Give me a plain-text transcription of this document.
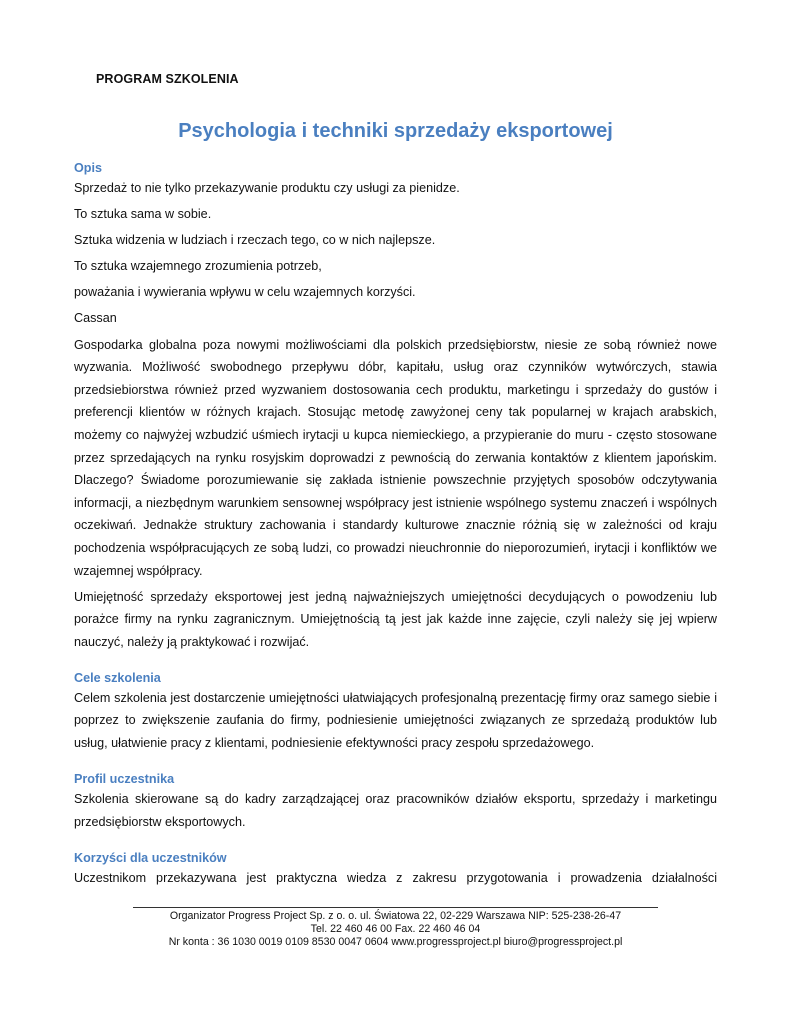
PROGRAM SZKOLENIA
Psychologia i techniki sprzedaży eksportowej
Opis

Sprzedaż to nie tylko przekazywanie produktu czy usługi za pienidze.

To sztuka sama w sobie.

Sztuka widzenia w ludziach i rzeczach tego, co w nich najlepsze.

To sztuka wzajemnego zrozumienia potrzeb,

poważania i wywierania wpływu w celu wzajemnych korzyści.

Cassan

Gospodarka globalna poza nowymi możliwościami dla polskich przedsiębiorstw, niesie ze sobą również nowe wyzwania. Możliwość swobodnego przepływu dóbr, kapitału, usług oraz czynników wytwórczych, stawia przedsiebiorstwa również przed wyzwaniem dostosowania cech produktu, marketingu i sprzedaży do gustów i preferencji klientów w różnych krajach. Stosując metodę zawyżonej ceny tak popularnej w krajach arabskich, możemy co najwyżej wzbudzić uśmiech irytacji u kupca niemieckiego, a przypieranie do muru - często stosowane przez sprzedających na rynku rosyjskim doprowadzi z pewnością do zerwania kontaktów z klientem japońskim. Dlaczego? Świadome porozumiewanie się zakłada istnienie powszechnie przyjętych sposobów odczytywania informacji, a niezbędnym warunkiem sensownej współpracy jest istnienie wspólnego systemu znaczeń i wspólnych oczekiwań. Jednakże struktury zachowania i standardy kulturowe znacznie różnią się w zależności od kraju pochodzenia współpracujących ze sobą ludzi, co prowadzi nieuchronnie do nieporozumień, irytacji i konfliktów we wzajemnej współpracy.

Umiejętność sprzedaży eksportowej jest jedną najważniejszych umiejętności decydujących o powodzeniu lub porażce firmy na rynku zagranicznym. Umiejętnością tą jest jak każde inne zajęcie, czyli należy się jej wpierw nauczyć, należy ją praktykować i rozwijać.

Cele szkolenia

Celem szkolenia jest dostarczenie umiejętności ułatwiających profesjonalną prezentację firmy oraz samego siebie i poprzez to zwiększenie zaufania do firmy, podniesienie umiejętności związanych ze sprzedażą produktów lub usług, ułatwienie pracy z klientami, podniesienie efektywności pracy zespołu sprzedażowego.

Profil uczestnika

Szkolenia skierowane są do kadry zarządzającej oraz pracowników działów eksportu, sprzedaży i marketingu przedsiębiorstw eksportowych.

Korzyści dla uczestników

Uczestnikom przekazywana jest praktyczna wiedza z zakresu przygotowania i prowadzenia działalności

Organizator Progress Project Sp. z o. o. ul. Światowa 22, 02-229 Warszawa NIP: 525-238-26-47
Tel. 22 460 46 00 Fax. 22 460 46 04
Nr konta : 36 1030 0019 0109 8530 0047 0604 www.progressproject.pl biuro@progressproject.pl
